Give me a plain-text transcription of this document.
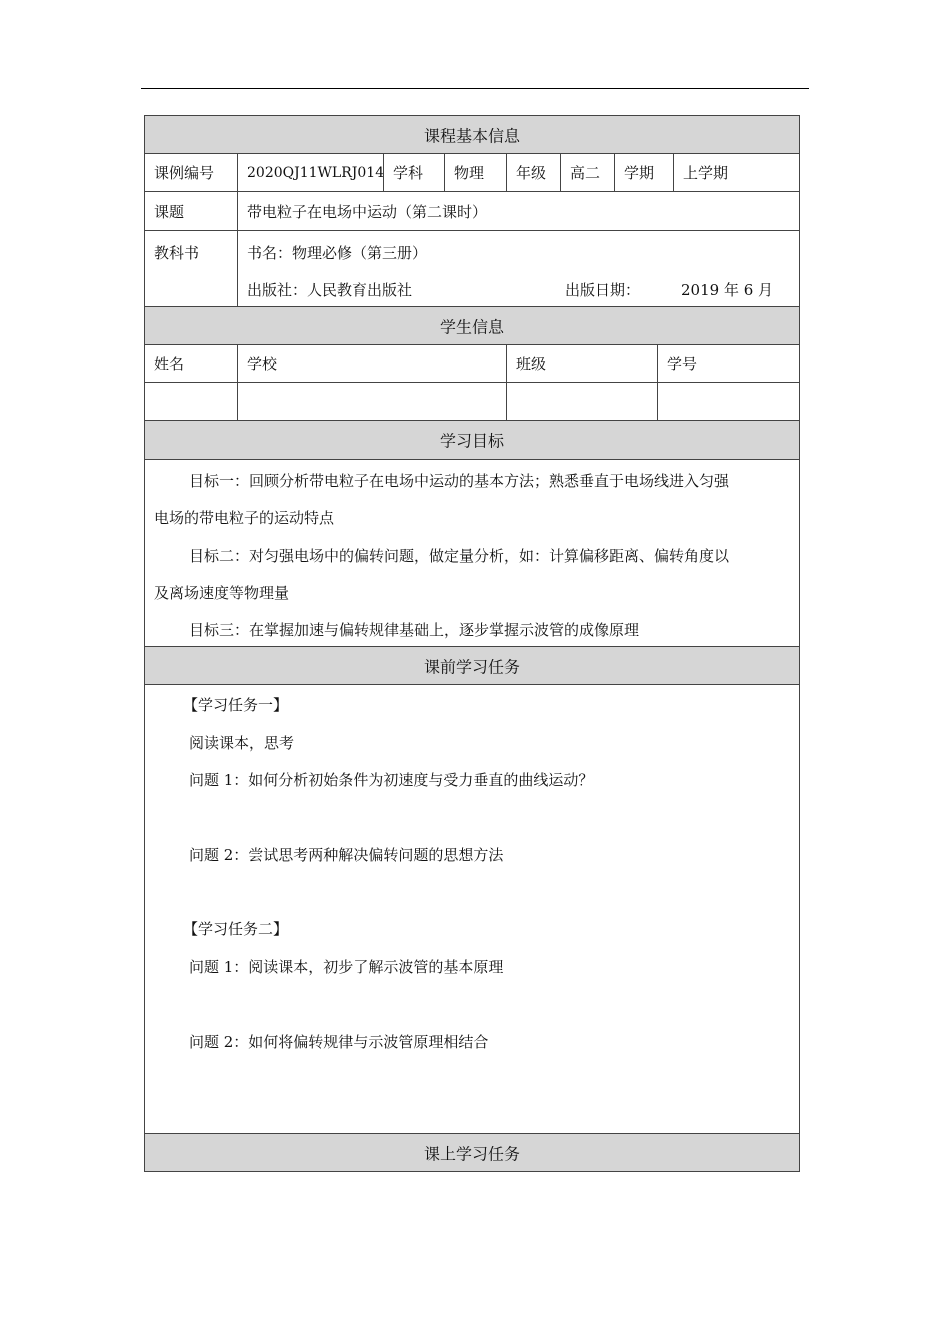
课程基本信息
课例编号	2020QJ11WLRJ014 学科	物理	年级	高二	学期	上学期
课题	带电粒子在电场中运动（第二课时）
教科书	书名：物理必修（第三册）
出版社：人民教育出版社	出版日期：	2019 年 6 月
学生信息
姓名	学校	班级	学号
学习目标
目标一：回顾分析带电粒子在电场中运动的基本方法；熟悉垂直于电场线进入匀强
电场的带电粒子的运动特点
目标二：对匀强电场中的偏转问题，做定量分析，如：计算偏移距离、偏转角度以
及离场速度等物理量
目标三：在掌握加速与偏转规律基础上，逐步掌握示波管的成像原理
课前学习任务
【学习任务一】
阅读课本，思考
问题 1：如何分析初始条件为初速度与受力垂直的曲线运动？
问题 2：尝试思考两种解决偏转问题的思想方法
【学习任务二】
问题 1：阅读课本，初步了解示波管的基本原理
问题 2：如何将偏转规律与示波管原理相结合
课上学习任务
